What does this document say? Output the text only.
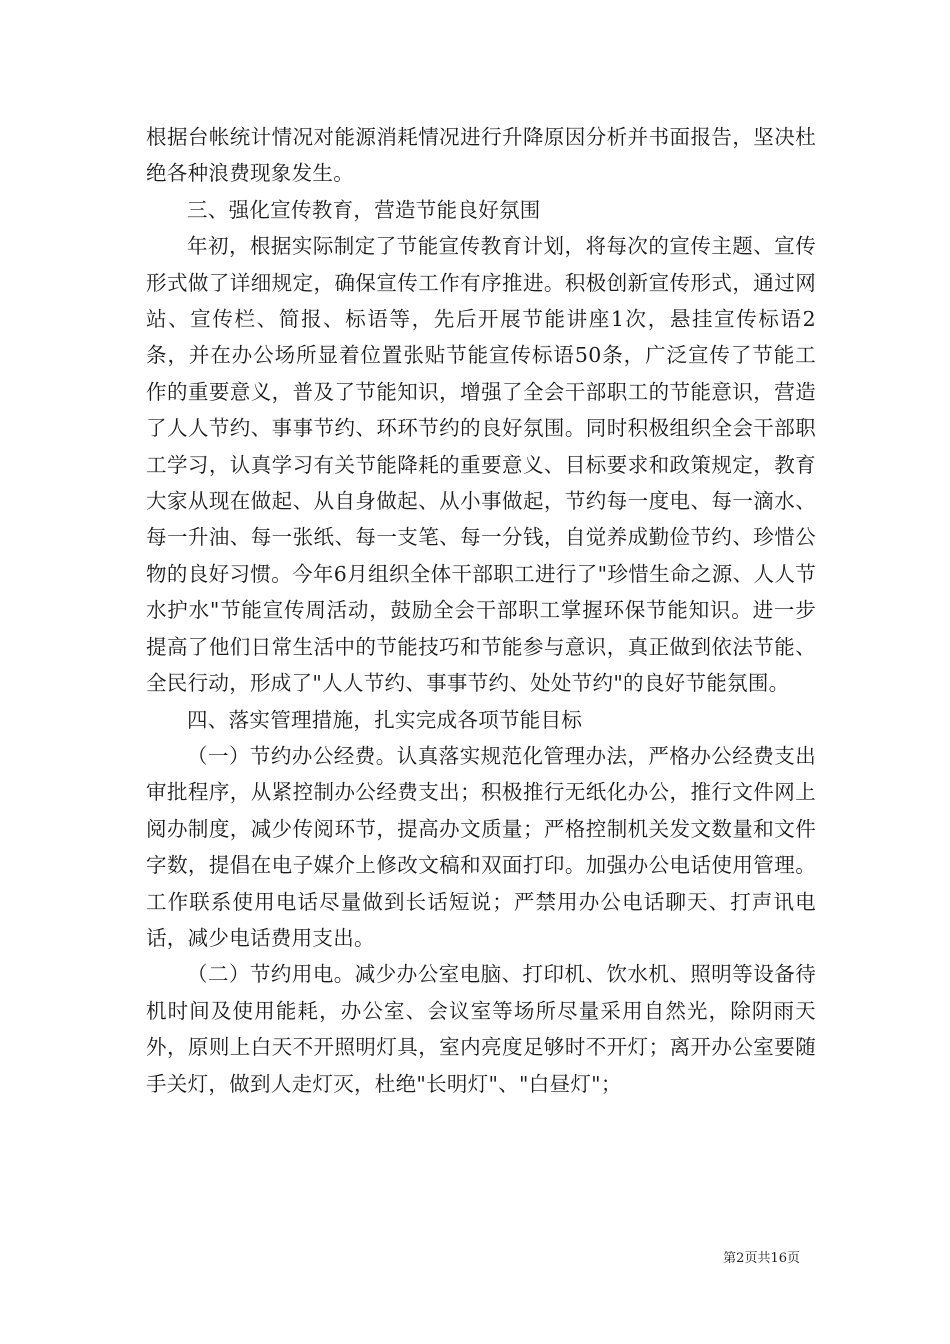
根据台帐统计情况对能源消耗情况进行升降原因分析并书面报告，坚决杜绝各种浪费现象发生。

三、强化宣传教育，营造节能良好氛围

年初，根据实际制定了节能宣传教育计划，将每次的宣传主题、宣传形式做了详细规定，确保宣传工作有序推进。积极创新宣传形式，通过网站、宣传栏、简报、标语等，先后开展节能讲座1次，悬挂宣传标语2条，并在办公场所显着位置张贴节能宣传标语50条，广泛宣传了节能工作的重要意义，普及了节能知识，增强了全会干部职工的节能意识，营造了人人节约、事事节约、环环节约的良好氛围。同时积极组织全会干部职工学习，认真学习有关节能降耗的重要意义、目标要求和政策规定，教育大家从现在做起、从自身做起、从小事做起，节约每一度电、每一滴水、每一升油、每一张纸、每一支笔、每一分钱，自觉养成勤俭节约、珍惜公物的良好习惯。今年6月组织全体干部职工进行了"珍惜生命之源、人人节水护水"节能宣传周活动，鼓励全会干部职工掌握环保节能知识。进一步提高了他们日常生活中的节能技巧和节能参与意识，真正做到依法节能、全民行动，形成了"人人节约、事事节约、处处节约"的良好节能氛围。

四、落实管理措施，扎实完成各项节能目标

（一）节约办公经费。认真落实规范化管理办法，严格办公经费支出审批程序，从紧控制办公经费支出；积极推行无纸化办公，推行文件网上阅办制度，减少传阅环节，提高办文质量；严格控制机关发文数量和文件字数，提倡在电子媒介上修改文稿和双面打印。加强办公电话使用管理。工作联系使用电话尽量做到长话短说；严禁用办公电话聊天、打声讯电话，减少电话费用支出。

（二）节约用电。减少办公室电脑、打印机、饮水机、照明等设备待机时间及使用能耗，办公室、会议室等场所尽量采用自然光，除阴雨天外，原则上白天不开照明灯具，室内亮度足够时不开灯；离开办公室要随手关灯，做到人走灯灭，杜绝"长明灯"、"白昼灯"；

第2页共16页
